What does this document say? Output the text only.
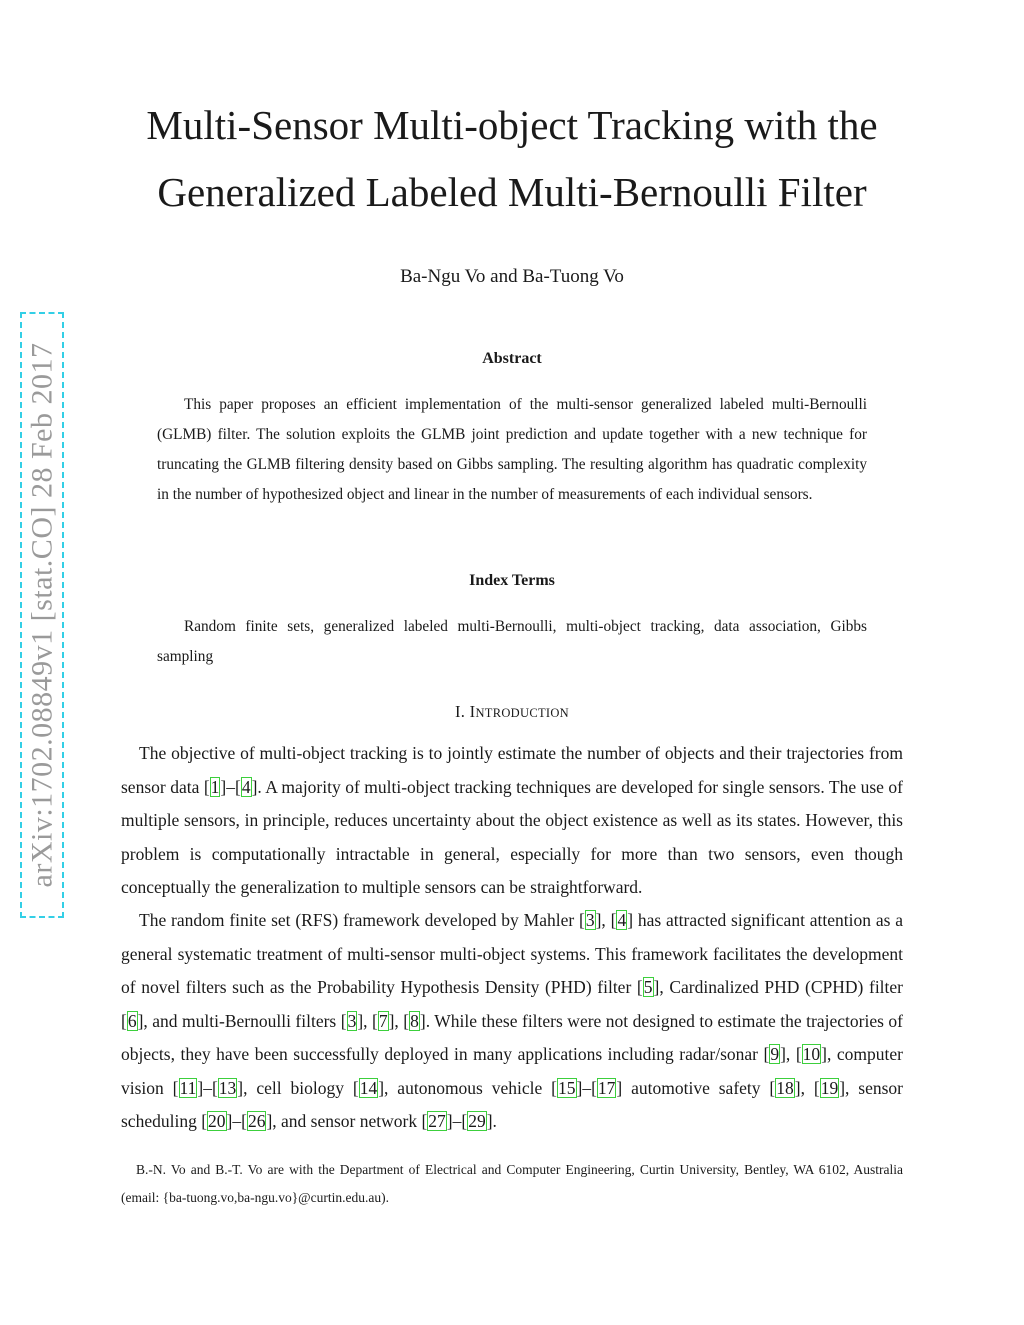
arXiv:1702.08849v1 [stat.CO] 28 Feb 2017
Multi-Sensor Multi-object Tracking with the
Generalized Labeled Multi-Bernoulli Filter
Ba-Ngu Vo and Ba-Tuong Vo
Abstract
This paper proposes an efficient implementation of the multi-sensor generalized labeled multi-Bernoulli (GLMB) filter. The solution exploits the GLMB joint prediction and update together with a new technique for truncating the GLMB filtering density based on Gibbs sampling. The resulting algorithm has quadratic complexity in the number of hypothesized object and linear in the number of measurements of each individual sensors.
Index Terms
Random finite sets, generalized labeled multi-Bernoulli, multi-object tracking, data association, Gibbs sampling
I. INTRODUCTION

The objective of multi-object tracking is to jointly estimate the number of objects and their trajectories from sensor data [1]–[4]. A majority of multi-object tracking techniques are developed for single sensors. The use of multiple sensors, in principle, reduces uncertainty about the object existence as well as its states. However, this problem is computationally intractable in general, especially for more than two sensors, even though conceptually the generalization to multiple sensors can be straightforward.

The random finite set (RFS) framework developed by Mahler [3], [4] has attracted significant attention as a general systematic treatment of multi-sensor multi-object systems. This framework facilitates the development of novel filters such as the Probability Hypothesis Density (PHD) filter [5], Cardinalized PHD (CPHD) filter [6], and multi-Bernoulli filters [3], [7], [8]. While these filters were not designed to estimate the trajectories of objects, they have been successfully deployed in many applications including radar/sonar [9], [10], computer vision [11]–[13], cell biology [14], autonomous vehicle [15]–[17] automotive safety [18], [19], sensor scheduling [20]–[26], and sensor network [27]–[29].

B.-N. Vo and B.-T. Vo are with the Department of Electrical and Computer Engineering, Curtin University, Bentley, WA 6102, Australia (email: {ba-tuong.vo,ba-ngu.vo}@curtin.edu.au).
